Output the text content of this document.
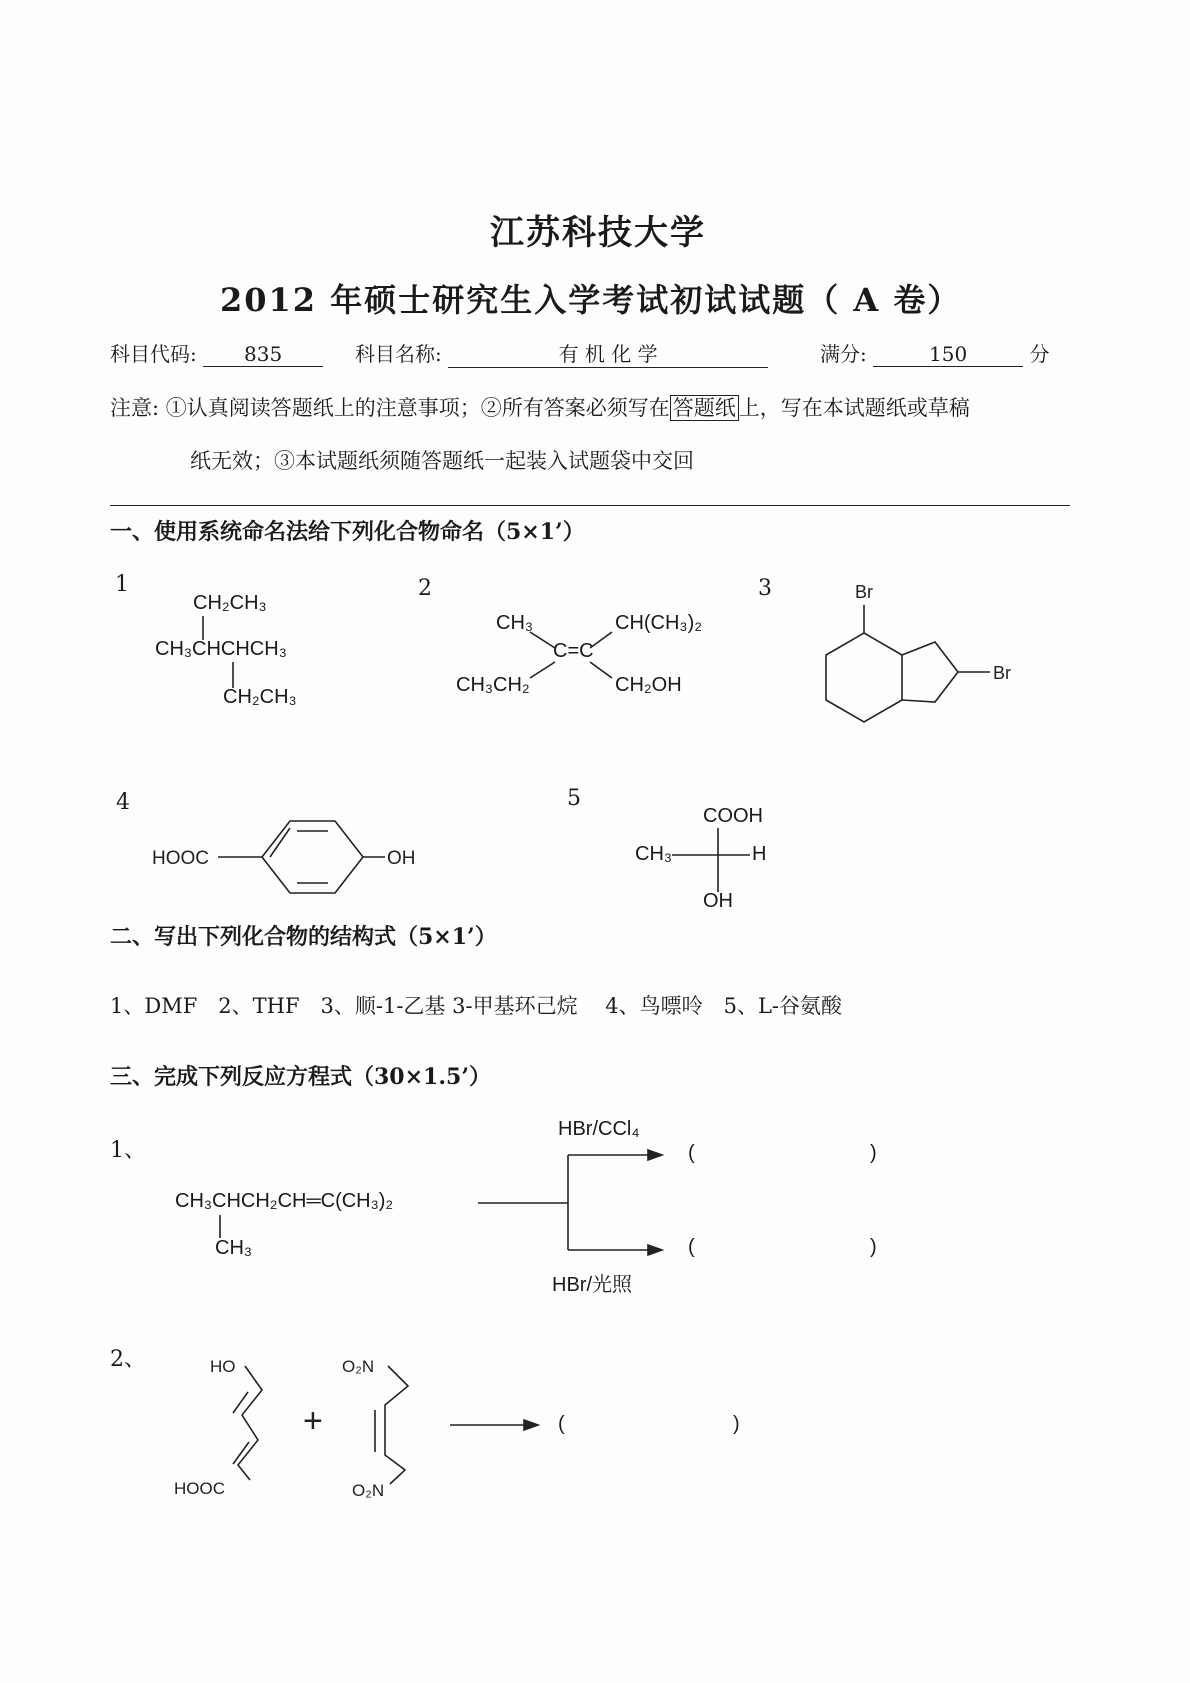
江苏科技大学
2012 年硕士研究生入学考试初试试题（ A 卷）
科目代码: 835	科目名称:	有 机 化 学	满分:	150	分
注意: ①认真阅读答题纸上的注意事项；②所有答案必须写在 答题纸 上，写在本试题纸或草稿
纸无效；③本试题纸须随答题纸一起装入试题袋中交回
一、使用系统命名法给下列化合物命名（5×1’）
1
CH₂CH₃
CH₃CHCHCH₃
CH₂CH₃
2
CH₃	CH(CH₃)₂
C=C
CH₃CH₂	CH₂OH
3	Br
Br
4
HOOC	OH
5
COOH
CH₃	H
OH
二、写出下列化合物的结构式（5×1’）
1、DMF　2、THF　3、顺-1-乙基 3-甲基环己烷　 4、鸟嘌呤　5、L-谷氨酸
三、完成下列反应方程式（30×1.5’）
1、
CH₃CHCH₂CH═C(CH₃)₂
CH₃
HBr/CCl₄
HBr/光照
(	)
(	)
2、	HO
HOOC
+
O₂N
O₂N
(	)
